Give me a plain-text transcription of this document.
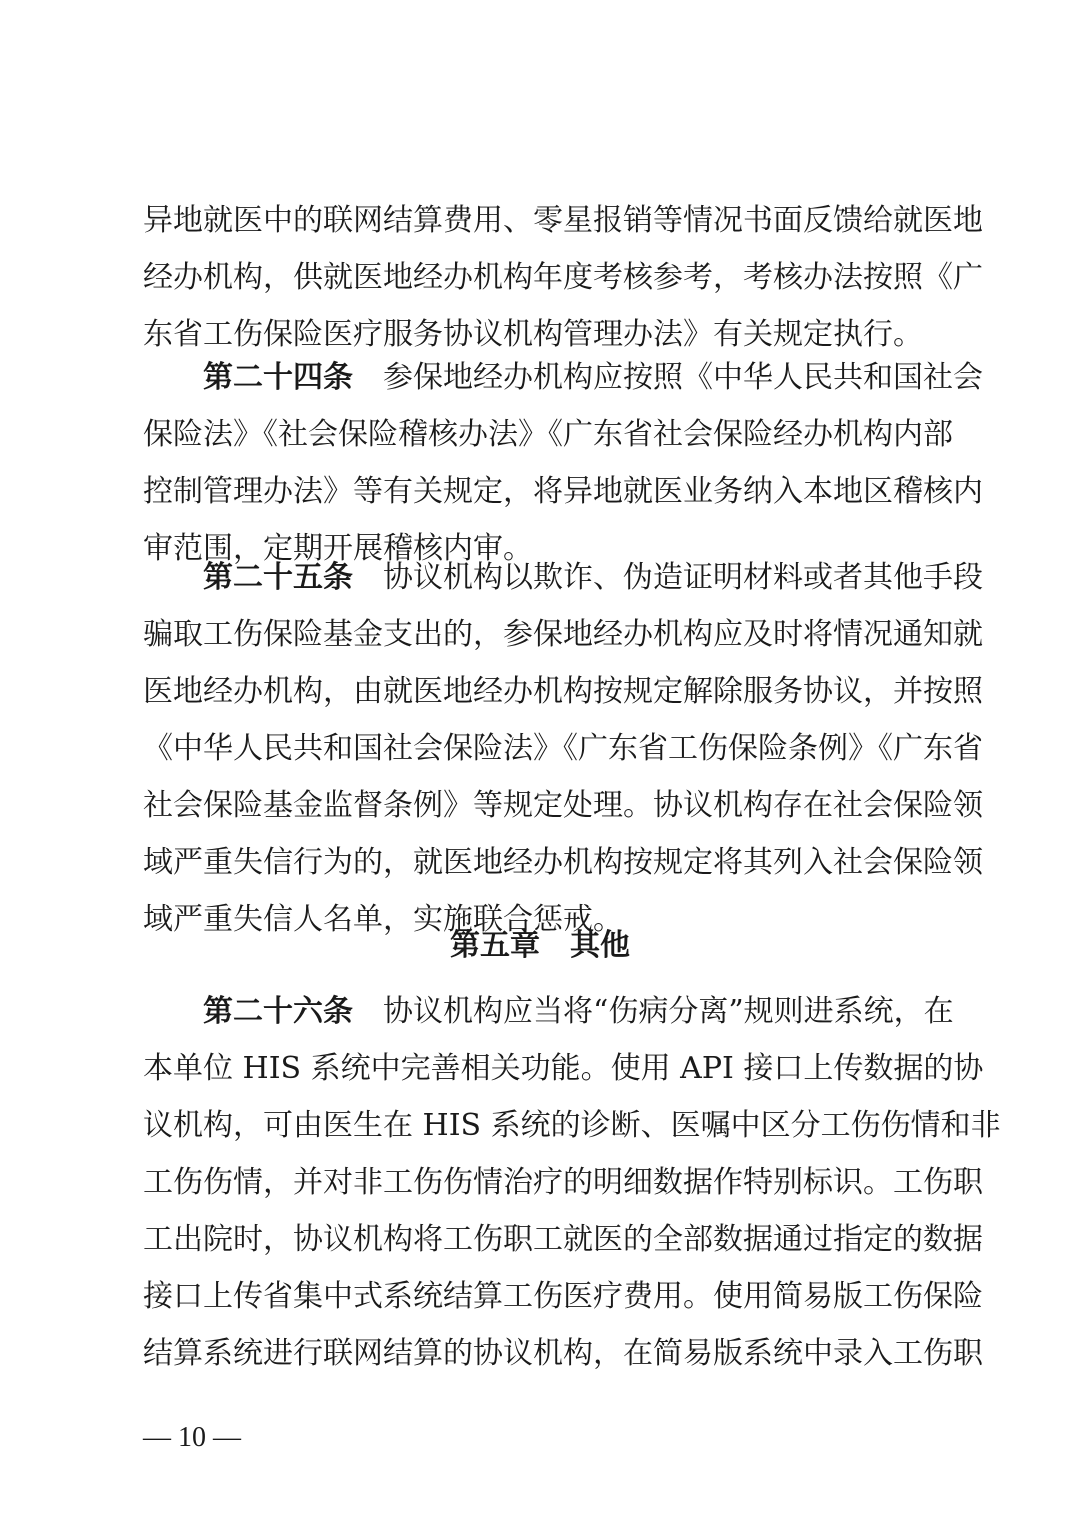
异地就医中的联网结算费用、零星报销等情况书面反馈给就医地
经办机构，供就医地经办机构年度考核参考，考核办法按照《广
东省工伤保险医疗服务协议机构管理办法》有关规定执行。
第二十四条 参保地经办机构应按照《中华人民共和国社会
保险法》《社会保险稽核办法》《广东省社会保险经办机构内部
控制管理办法》等有关规定，将异地就医业务纳入本地区稽核内
审范围，定期开展稽核内审。
第二十五条 协议机构以欺诈、伪造证明材料或者其他手段
骗取工伤保险基金支出的，参保地经办机构应及时将情况通知就
医地经办机构，由就医地经办机构按规定解除服务协议，并按照
《中华人民共和国社会保险法》《广东省工伤保险条例》《广东省
社会保险基金监督条例》等规定处理。协议机构存在社会保险领
域严重失信行为的，就医地经办机构按规定将其列入社会保险领
域严重失信人名单，实施联合惩戒。
第五章　其他
第二十六条 协议机构应当将“伤病分离”规则进系统，在
本单位 HIS 系统中完善相关功能。使用 API 接口上传数据的协
议机构，可由医生在 HIS 系统的诊断、医嘱中区分工伤伤情和非
工伤伤情，并对非工伤伤情治疗的明细数据作特别标识。工伤职
工出院时，协议机构将工伤职工就医的全部数据通过指定的数据
接口上传省集中式系统结算工伤医疗费用。使用简易版工伤保险
结算系统进行联网结算的协议机构，在简易版系统中录入工伤职
— 10 —
